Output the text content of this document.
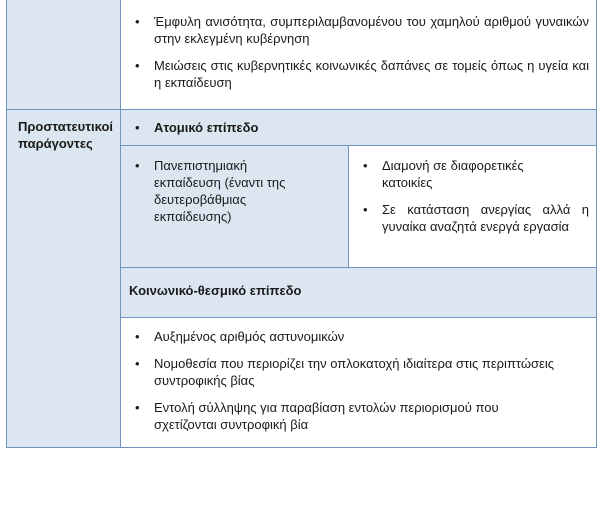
• Έμφυλη ανισότητα, συμπεριλαμβανομένου του χαμηλού αριθμού γυναικών στην εκλεγμένη κυβέρνηση
• Μειώσεις στις κυβερνητικές κοινωνικές δαπάνες σε τομείς όπως η υγεία και η εκπαίδευση
Προστατευτικοί παράγοντες
• Ατομικό επίπεδο
• Πανεπιστημιακή εκπαίδευση (έναντι της δευτεροβάθμιας εκπαίδευσης)
• Διαμονή σε διαφορετικές κατοικίες
• Σε κατάσταση ανεργίας αλλά η γυναίκα αναζητά ενεργά εργασία
Κοινωνικό-θεσμικό επίπεδο
• Αυξημένος αριθμός αστυνομικών
• Νομοθεσία που περιορίζει την οπλοκατοχή ιδιαίτερα στις περιπτώσεις συντροφικής βίας
• Εντολή σύλληψης για παραβίαση εντολών περιορισμού που σχετίζονται συντροφική βία
